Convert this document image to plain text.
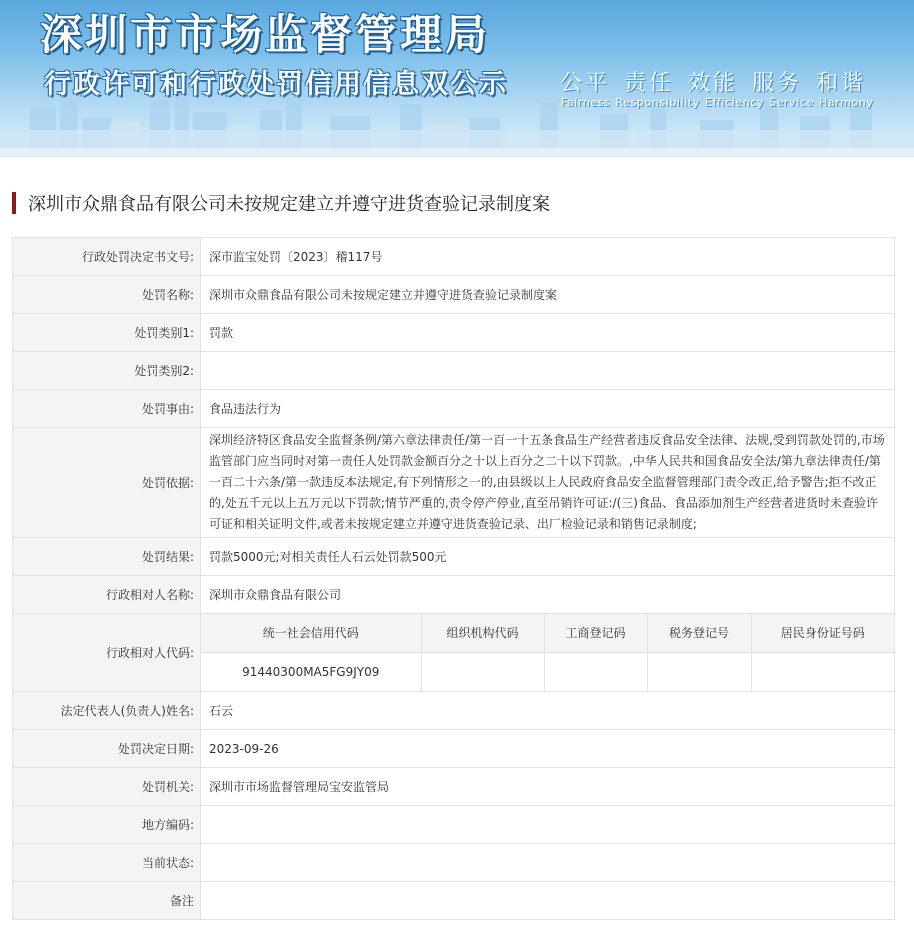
深圳市市场监督管理局
行政许可和行政处罚信用信息双公示 公平 责任 效能 服务 和谐
Fairness Responsibility Efficiency Service Harmony
深圳市众鼎食品有限公司未按规定建立并遵守进货查验记录制度案
行政处罚决定书文号:	深市监宝处罚〔2023〕稽117号
处罚名称:	深圳市众鼎食品有限公司未按规定建立并遵守进货查验记录制度案
处罚类别1:	罚款
处罚类别2:	
处罚事由:	食品违法行为
处罚依据:	深圳经济特区食品安全监督条例/第六章法律责任/第一百一十五条食品生产经营者违反食品安全法律、法规,受到罚款处罚的,市场监管部门应当同时对第一责任人处罚款金额百分之十以上百分之二十以下罚款。,中华人民共和国食品安全法/第九章法律责任/第一百二十六条/第一款违反本法规定,有下列情形之一的,由县级以上人民政府食品安全监督管理部门责令改正,给予警告;拒不改正的,处五千元以上五万元以下罚款;情节严重的,责令停产停业,直至吊销许可证:/(三)食品、食品添加剂生产经营者进货时未查验许可证和相关证明文件,或者未按规定建立并遵守进货查验记录、出厂检验记录和销售记录制度;
处罚结果:	罚款5000元;对相关责任人石云处罚款500元
行政相对人名称:	深圳市众鼎食品有限公司
行政相对人代码:	
统一社会信用代码	组织机构代码	工商登记码	税务登记号	居民身份证号码
91440300MA5FG9JY09				

法定代表人(负责人)姓名:	石云
处罚决定日期:	2023-09-26
处罚机关:	深圳市市场监督管理局宝安监管局
地方编码:	
当前状态:	
备注	
